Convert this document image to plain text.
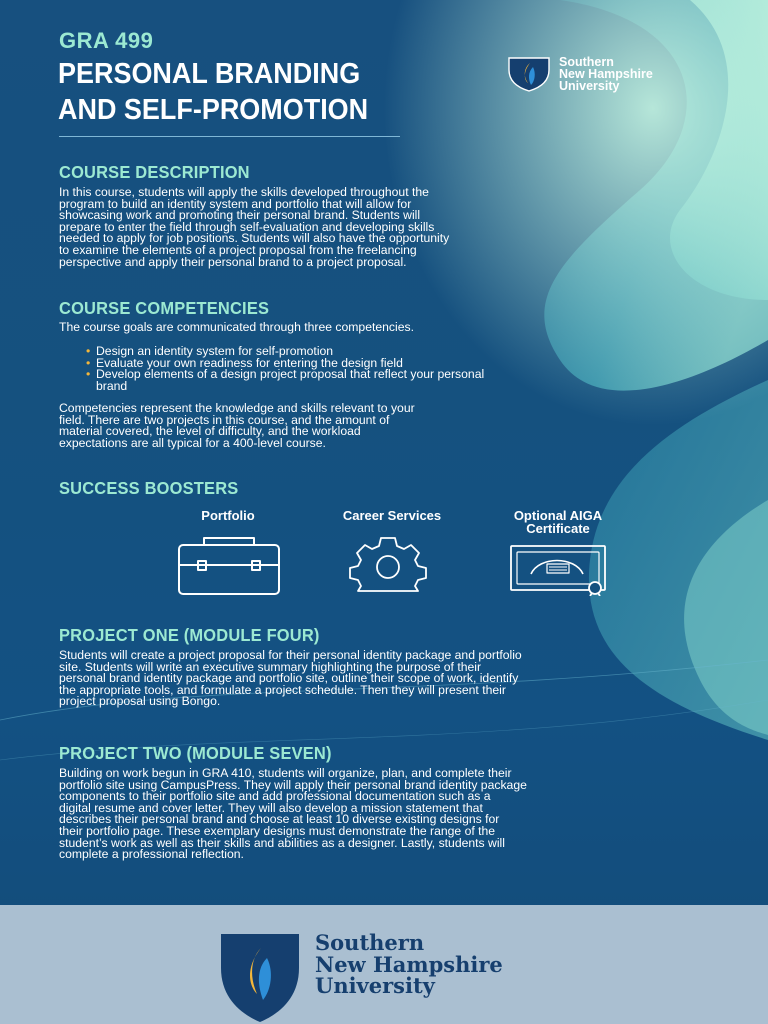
GRA 499
PERSONAL BRANDING
AND SELF-PROMOTION
Southern
New Hampshire
University
COURSE DESCRIPTION

In this course, students will apply the skills developed throughout the
program to build an identity system and portfolio that will allow for
showcasing work and promoting their personal brand. Students will
prepare to enter the field through self-evaluation and developing skills
needed to apply for job positions. Students will also have the opportunity
to examine the elements of a project proposal from the freelancing
perspective and apply their personal brand to a project proposal.

COURSE COMPETENCIES

The course goals are communicated through three competencies.

• Design an identity system for self-promotion
• Evaluate your own readiness for entering the design field
• Develop elements of a design project proposal that reflect your personal brand

Competencies represent the knowledge and skills relevant to your
field. There are two projects in this course, and the amount of
material covered, the level of difficulty, and the workload
expectations are all typical for a 400-level course.

SUCCESS BOOSTERS
Portfolio	Career Services	Optional AIGA
Certificate
PROJECT ONE (MODULE FOUR)

Students will create a project proposal for their personal identity package and portfolio
site. Students will write an executive summary highlighting the purpose of their
personal brand identity package and portfolio site, outline their scope of work, identify
the appropriate tools, and formulate a project schedule. Then they will present their
project proposal using Bongo.

PROJECT TWO (MODULE SEVEN)

Building on work begun in GRA 410, students will organize, plan, and complete their
portfolio site using CampusPress. They will apply their personal brand identity package
components to their portfolio site and add professional documentation such as a
digital resume and cover letter. They will also develop a mission statement that
describes their personal brand and choose at least 10 diverse existing designs for
their portfolio page. These exemplary designs must demonstrate the range of the
student’s work as well as their skills and abilities as a designer. Lastly, students will
complete a professional reflection.

Southern
New Hampshire
University
